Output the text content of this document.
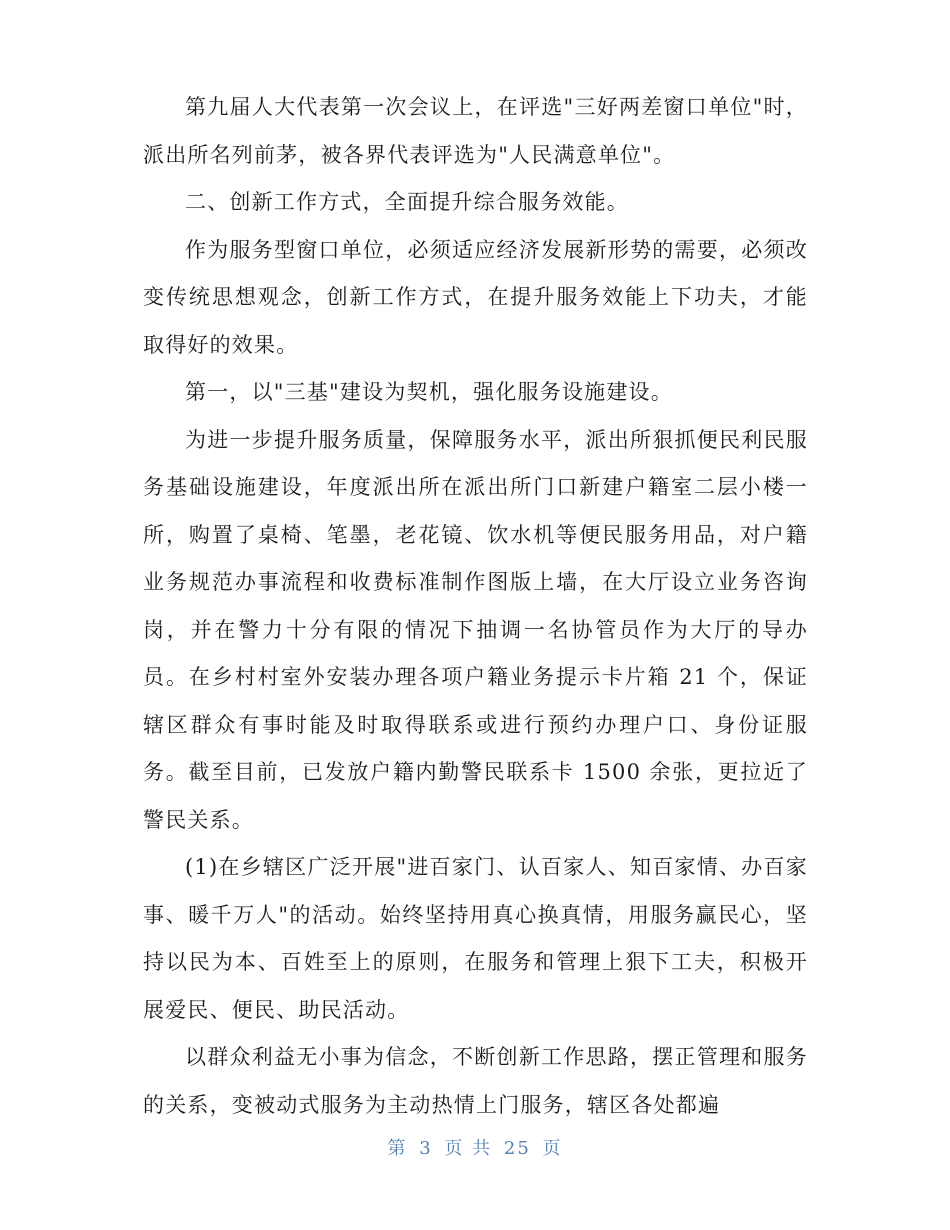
第九届人大代表第一次会议上，在评选"三好两差窗口单位"时，派出所名列前茅，被各界代表评选为"人民满意单位"。

二、创新工作方式，全面提升综合服务效能。

作为服务型窗口单位，必须适应经济发展新形势的需要，必须改变传统思想观念，创新工作方式，在提升服务效能上下功夫，才能取得好的效果。

第一，以"三基"建设为契机，强化服务设施建设。

为进一步提升服务质量，保障服务水平，派出所狠抓便民利民服务基础设施建设，年度派出所在派出所门口新建户籍室二层小楼一所，购置了桌椅、笔墨，老花镜、饮水机等便民服务用品，对户籍业务规范办事流程和收费标准制作图版上墙，在大厅设立业务咨询岗，并在警力十分有限的情况下抽调一名协管员作为大厅的导办员。在乡村村室外安装办理各项户籍业务提示卡片箱 21 个，保证辖区群众有事时能及时取得联系或进行预约办理户口、身份证服务。截至目前，已发放户籍内勤警民联系卡 1500 余张，更拉近了警民关系。

(1)在乡辖区广泛开展"进百家门、认百家人、知百家情、办百家事、暖千万人"的活动。始终坚持用真心换真情，用服务赢民心，坚持以民为本、百姓至上的原则，在服务和管理上狠下工夫，积极开展爱民、便民、助民活动。

以群众利益无小事为信念，不断创新工作思路，摆正管理和服务的关系，变被动式服务为主动热情上门服务，辖区各处都遍

第 3 页 共 25 页
